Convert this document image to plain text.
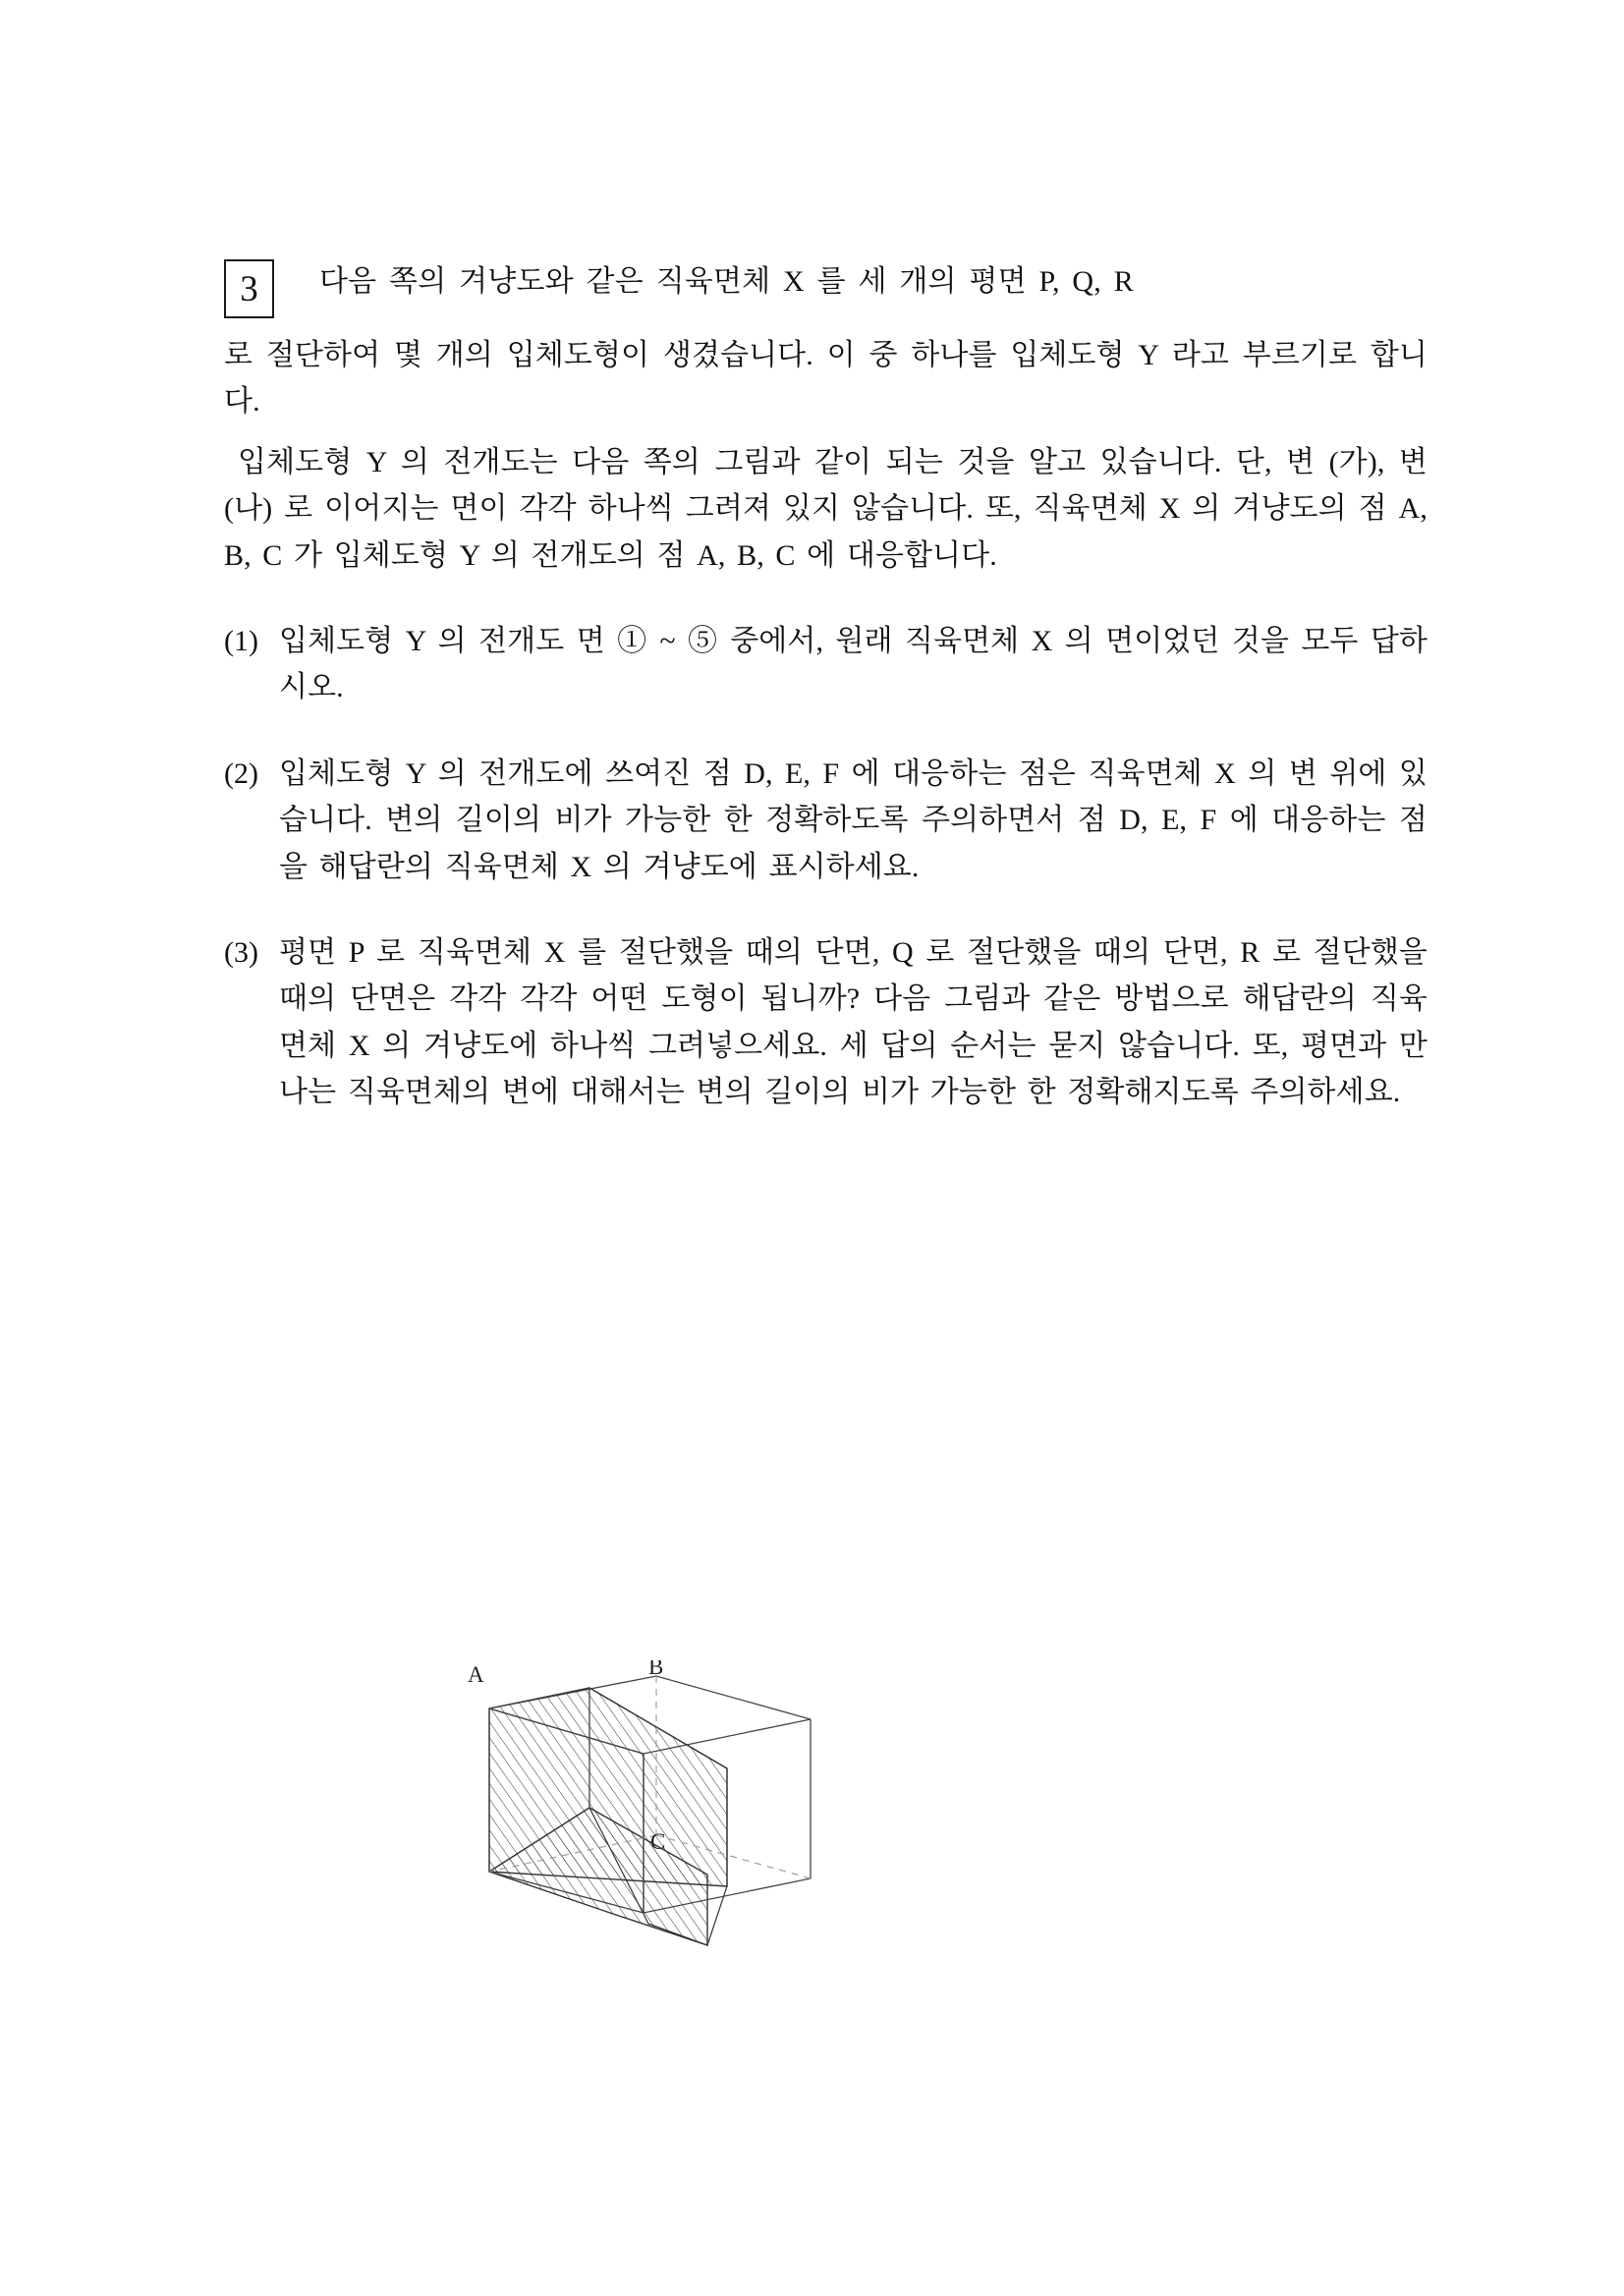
3	다음 쪽의 겨냥도와 같은 직육면체 X 를 세 개의 평면 P, Q, R
로 절단하여 몇 개의 입체도형이 생겼습니다. 이 중 하나를 입체도형 Y 라고 부르기로 합니다.
입체도형 Y 의 전개도는 다음 쪽의 그림과 같이 되는 것을 알고 있습니다. 단, 변 (가), 변 (나) 로 이어지는 면이 각각 하나씩 그려져 있지 않습니다. 또, 직육면체 X 의 겨냥도의 점 A, B, C 가 입체도형 Y 의 전개도의 점 A, B, C 에 대응합니다.
(1) 입체도형 Y 의 전개도 면 ① ~ ⑤ 중에서, 원래 직육면체 X 의 면이었던 것을 모두 답하시오.
(2) 입체도형 Y 의 전개도에 쓰여진 점 D, E, F 에 대응하는 점은 직육면체 X 의 변 위에 있습니다. 변의 길이의 비가 가능한 한 정확하도록 주의하면서 점 D, E, F 에 대응하는 점을 해답란의 직육면체 X 의 겨냥도에 표시하세요.
(3) 평면 P 로 직육면체 X 를 절단했을 때의 단면, Q 로 절단했을 때의 단면, R 로 절단했을 때의 단면은 각각 각각 어떤 도형이 됩니까? 다음 그림과 같은 방법으로 해답란의 직육면체 X 의 겨냥도에 하나씩 그려넣으세요. 세 답의 순서는 묻지 않습니다. 또, 평면과 만나는 직육면체의 변에 대해서는 변의 길이의 비가 가능한 한 정확해지도록 주의하세요.
A	B
C
